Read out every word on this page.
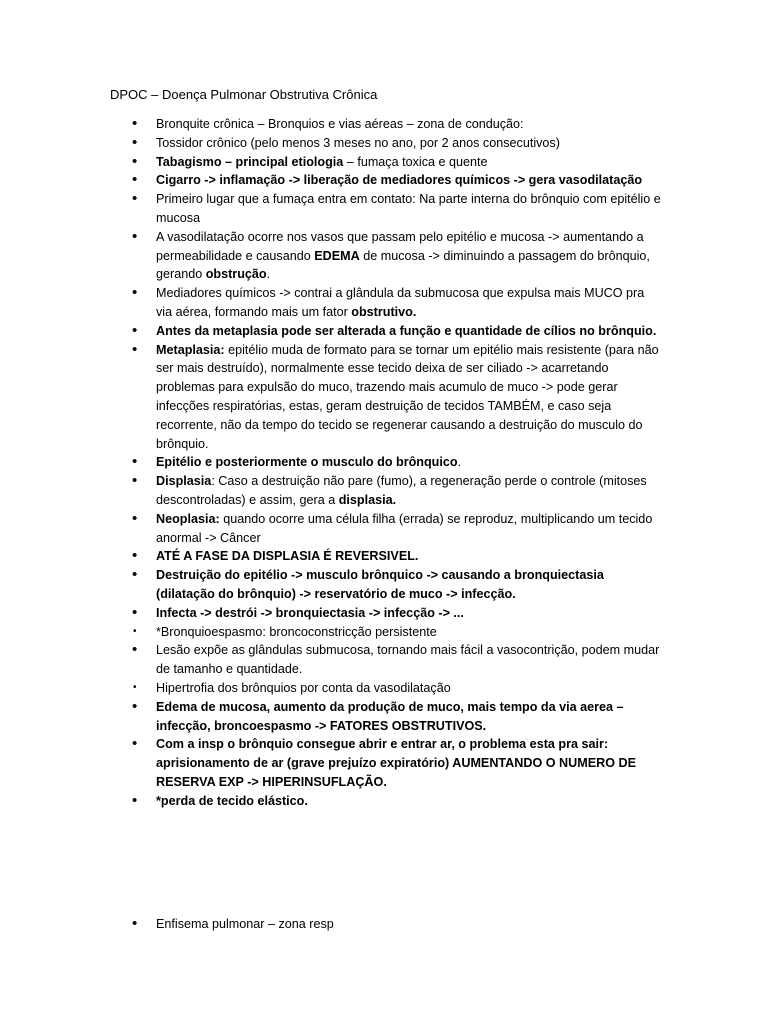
DPOC – Doença Pulmonar Obstrutiva Crônica
• Bronquite crônica – Bronquios e vias aéreas – zona de condução:
• Tossidor crônico (pelo menos 3 meses no ano, por 2 anos consecutivos)
• Tabagismo – principal etiologia – fumaça toxica e quente
• Cigarro -> inflamação -> liberação de mediadores químicos -> gera vasodilatação
• Primeiro lugar que a fumaça entra em contato: Na parte interna do brônquio com epitélio e mucosa
• A vasodilatação ocorre nos vasos que passam pelo epitélio e mucosa -> aumentando a permeabilidade e causando EDEMA de mucosa -> diminuindo a passagem do brônquio, gerando obstrução.
• Mediadores químicos -> contrai a glândula da submucosa que expulsa mais MUCO pra via aérea, formando mais um fator obstrutivo.
• Antes da metaplasia pode ser alterada a função e quantidade de cílios no brônquio.
• Metaplasia: epitélio muda de formato para se tornar um epitélio mais resistente (para não ser mais destruído), normalmente esse tecido deixa de ser ciliado -> acarretando problemas para expulsão do muco, trazendo mais acumulo de muco -> pode gerar infecções respiratórias, estas, geram destruição de tecidos TAMBÉM, e caso seja recorrente, não da tempo do tecido se regenerar causando a destruição do musculo do brônquio.
• Epitélio e posteriormente o musculo do brônquico.
• Displasia: Caso a destruição não pare (fumo), a regeneração perde o controle (mitoses descontroladas) e assim, gera a displasia.
• Neoplasia: quando ocorre uma célula filha (errada) se reproduz, multiplicando um tecido anormal -> Câncer
• ATÉ A FASE DA DISPLASIA É REVERSIVEL.
• Destruição do epitélio -> musculo brônquico -> causando a bronquiectasia (dilatação do brônquio) -> reservatório de muco -> infecção.
• Infecta -> destrói -> bronquiectasia -> infecção -> ...
• *Bronquioespasmo: broncoconstricção persistente
• Lesão expõe as glândulas submucosa, tornando mais fácil a vasocontrição, podem mudar de tamanho e quantidade.
• Hipertrofia dos brônquios por conta da vasodilatação
• Edema de mucosa, aumento da produção de muco, mais tempo da via aerea – infecção, broncoespasmo -> FATORES OBSTRUTIVOS.
• Com a insp o brônquio consegue abrir e entrar ar, o problema esta pra sair: aprisionamento de ar (grave prejuízo expiratório) AUMENTANDO O NUMERO DE RESERVA EXP -> HIPERINSUFLAÇÃO.
• *perda de tecido elástico.
• Enfisema pulmonar – zona resp
